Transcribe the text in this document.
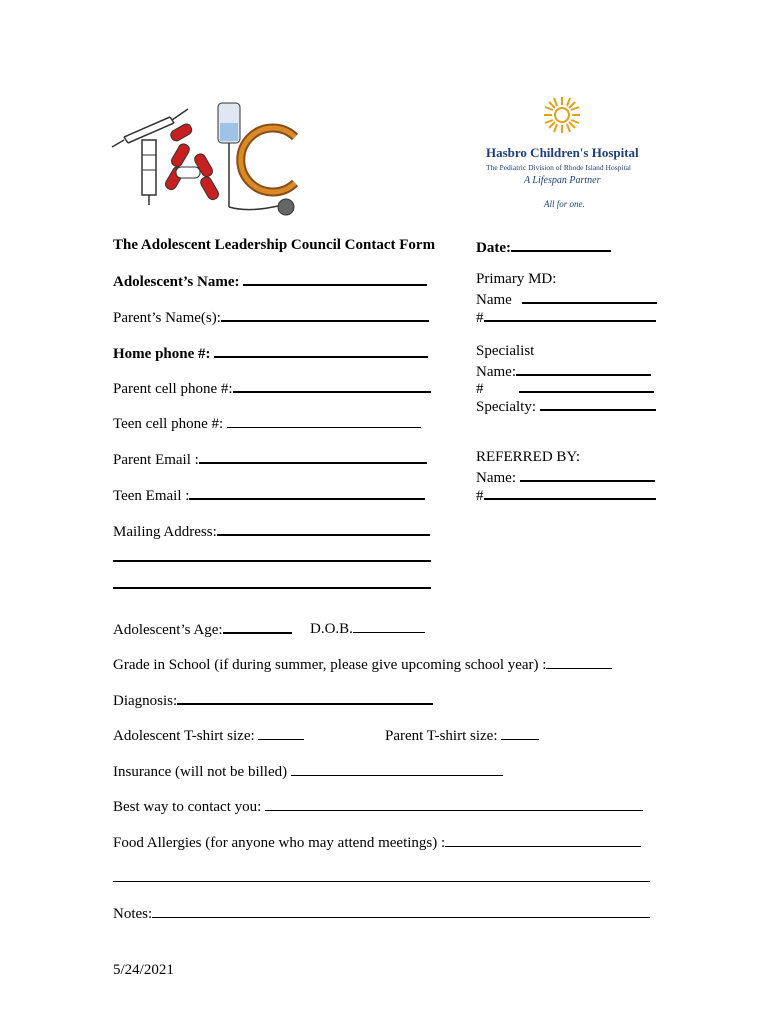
Hasbro Children's Hospital
The Pediatric Division of Rhode Island Hospital
A Lifespan Partner
All for one.
The Adolescent Leadership Council Contact Form	Date:
Adolescent’s Name:
Parent’s Name(s):
Home phone #:
Parent cell phone #:
Teen cell phone #:
Parent Email :
Teen Email :
Mailing Address:
Primary MD:
Name
#
Specialist
Name:
#
Specialty:
REFERRED BY:
Name:
#
Adolescent’s Age:	D.O.B.
Grade in School (if during summer, please give upcoming school year) :
Diagnosis:
Adolescent T-shirt size:	Parent T-shirt size:
Insurance (will not be billed)
Best way to contact you:
Food Allergies (for anyone who may attend meetings) :
Notes:
5/24/2021
